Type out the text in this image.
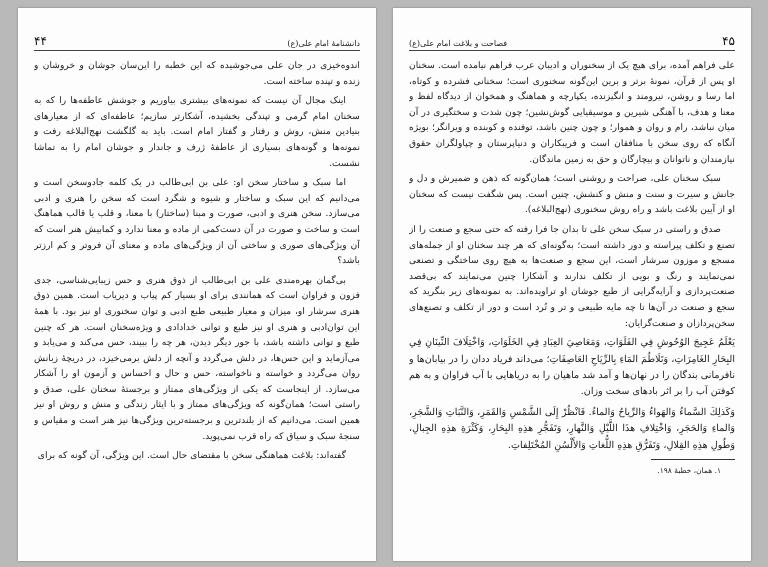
۴۴	دانشنامهٔ امام علی(ع)

اندوه‌خیزی در جان علی می‌جوشیده که این خطبه را این‌سان جوشان و خروشان و زنده و تپنده ساخته است.

اینک مجال آن نیست که نمونه‌های بیشتری بیاوریم و جوشش عاطفه‌ها را که به سخنان امام گرمی و تپندگی بخشیده، آشکارتر سازیم؛ عاطفه‌ای که از معیارهای بنیادین منش، روش و رفتار و گفتار امام است. باید به گلگشت نهج‌البلاغه رفت و نمونه‌ها و گونه‌های بسیاری از عاطفهٔ ژرف و جاندار و جوشان امام را به تماشا نشست.

اما سبک و ساختار سخن او: علی بن ابی‌طالب در یک کلمه جادوسخن است و می‌دانیم که این سبک و ساختار و شیوه و شگرد است که سخن را هنری و ادبی می‌سازد. سخن هنری و ادبی، صورت و مبنا (ساختار) با معنا، و قلب یا قالب هماهنگ است و ساخت و صورت در آن دست‌کمی از ماده و معنا ندارد و کمابیش هنر است که آن ویژگی‌های صوری و ساختی آن از ویژگی‌های ماده و معنای آن فروتر و کم ارزتر باشد؟

بی‌گمان بهره‌مندی علی بن ابی‌طالب از ذوق هنری و حس زیبایی‌شناسی، جدی فزون و فراوان است که همانندی برای او بسیار کم پیاب و دیریاب است. همین ذوق هنری سرشار او، میزان و معیار طبیعی طبع ادبی و توان سخنوری او نیز بود. با همهٔ این توان‌ادبی و هنری او نیز طبع و توانی خدادادی و ویژه‌سخنان است. هر که چنین طبع و توانی داشته باشد، با جور دیگر دیدن، هر چه را ببیند، حس می‌کند و می‌یابد و می‌آزماید و این حس‌ها، در دلش می‌گردد و آنچه از دلش برمی‌خیزد، در دریچهٔ زبانش روان می‌گردد و خواسته و ناخواسته، حس و حال و احساس و آزمون او را آشکار می‌سازد. از اینجاست که یکی از ویژگی‌های ممتاز و برجستهٔ سخنان علی، صدق و راستی است؛ همان‌گونه که ویژگی‌های ممتاز و با ایثار زندگی و منش و روش او نیز همین است. می‌دانیم که از بلندترین و برجسته‌ترین ویژگی‌ها نیز هنر است و مقیاس و سنجهٔ سبک و سیاق که راه قرب نمی‌پوید.

گفته‌اند: بلاغت هماهنگی سخن با مقتضای حال است. این ویژگی، آن گونه که برای

۴۵
فصاحت و بلاغت امام علی(ع)

علی فراهم آمده، برای هیچ یک از سخنوران و ادیبان عرب فراهم نیامده است. سخنان او پس از قرآن، نمونهٔ برتر و برین این‌گونه سخنوری است؛ سخنانی فشرده و کوتاه، اما رسا و روشن، نیرومند و انگیزنده، یکپارچه و هماهنگ و همخوان از دیدگاه لفظ و معنا و هدف، با آهنگی شیرین و موسیقیایی گوش‌نشین؛ چون شدت و سختگیری در آن میان نباشد، رام و روان و هموار؛ و چون چنین باشد، توفنده و کوبنده و ویرانگر؛ بویژه آنگاه که روی سخن با منافقان است و فریبکاران و دنیاپرستان و چپاولگران حقوق نیازمندان و ناتوانان و بیچارگان و حق به زمین ماندگان.

سبک سخنان علی، صراحت و روشنی است؛ همان‌گونه که ذهن و ضمیرش و دل و جانش و سیرت و سنت و منش و کنشش، چنین است. پس شگفت نیست که سخنان او از آیین بلاغت باشد و راه روش سخنوری (نهج‌البلاغه).

صدق و راستی در سبک سخن علی تا بدان جا فرا رفته که حتی سجع و صنعت را از تصنع و تکلف پیراسته و دور داشته است؛ به‌گونه‌ای که هر چند سخنان او از جمله‌های مسجع و موزون سرشار است، این سجع و صنعت‌ها به هیچ روی ساختگی و تصنعی نمی‌نمایند و رنگ و بویی از تکلف ندارند و آشکارا چنین می‌نمایند که بی‌قصد صنعت‌پردازی و آرایه‌گرایی از طبع جوشان او تراویده‌اند. به نمونه‌های زیر بنگرید که سجع و صنعت در آن‌ها تا چه مایه طبیعی و تر و تُرد است و دور از تکلف و تصنع‌های سخن‌پردازان و صنعت‌گرایان:

يَعْلَمُ عَجِيجَ الوُحُوشِ فِي الفَلَوَاتِ، وَمَعَاصِيَ العِبَادِ فِي الخَلَوَاتِ، وَاخْتِلَافَ النِّينَانِ فِي البِحَارِ الغَامِرَاتِ، وَتَلَاطُمَ المَاءِ بِالرِّيَاحِ العَاصِفَاتِ؛ می‌داند فریاد ددان را در بیابان‌ها و نافرمانی بندگان را در نهان‌ها و آمد شد ماهیان را به دریاهایی با آب فراوان و به هم کوفتن آب را بر اثر بادهای سخت وزان.

وَكَذلِكَ السَّماءُ وَالهَواءُ وَالرِّياحُ وَالماءُ. فَانْظُرْ إِلَى الشَّمْسِ وَالقَمَرِ، وَالنَّبَاتِ وَالشَّجَرِ، وَالماءِ وَالحَجَرِ، وَاخْتِلافِ هذَا اللَّيْلِ وَالنَّهارِ، وَتَفَجُّرِ هذِهِ البِحَارِ، وَكَثْرَةِ هذِهِ الجِبالِ، وَطُولِ هذِهِ القِلالِ، وَتَفَرُّقِ هذِهِ اللُّغاتِ وَالأَلْسُنِ المُخْتَلِفاتِ.

۱. همان، خطبهٔ ۱۹۸.
